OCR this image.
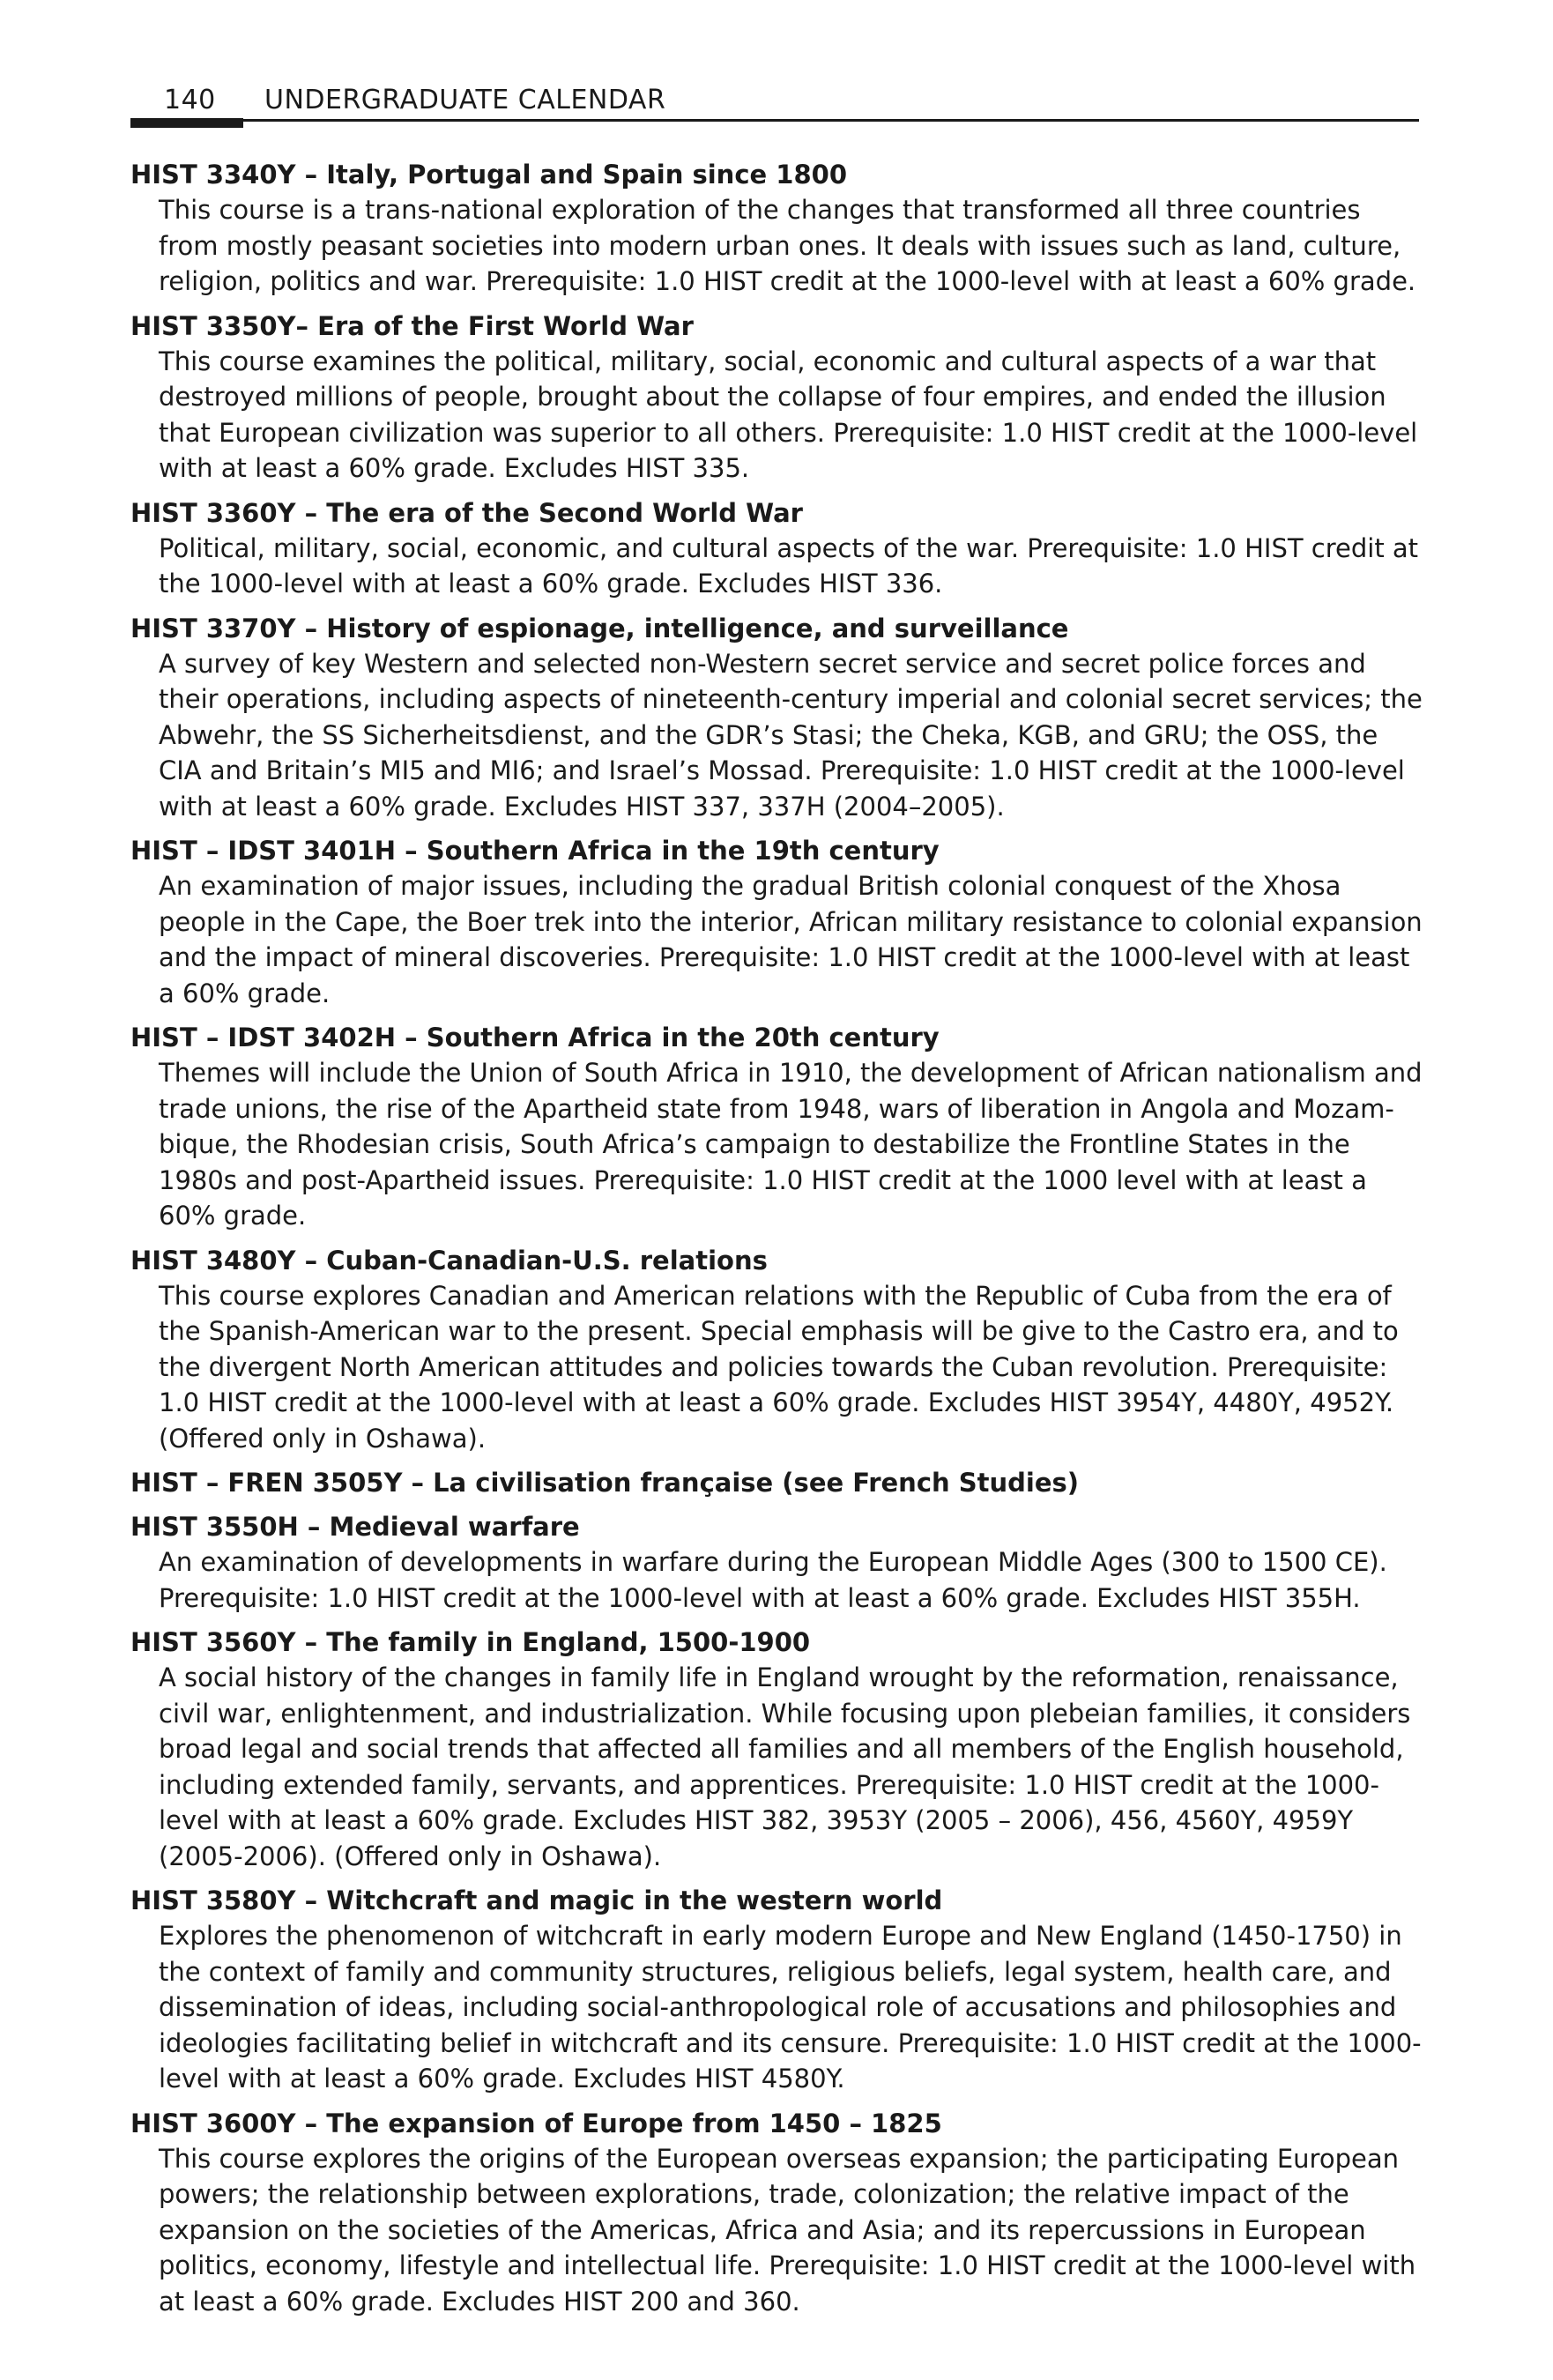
140 UNDERGRADUATE CALENDAR

HIST 3340Y – Italy, Portugal and Spain since 1800

This course is a trans-national exploration of the changes that transformed all three countries from mostly peasant societies into modern urban ones. It deals with issues such as land, culture, religion, politics and war. Prerequisite: 1.0 HIST credit at the 1000-level with at least a 60% grade.

HIST 3350Y– Era of the First World War

This course examines the political, military, social, economic and cultural aspects of a war that destroyed millions of people, brought about the collapse of four empires, and ended the illusion that European civilization was superior to all others. Prerequisite: 1.0 HIST credit at the 1000-level with at least a 60% grade. Excludes HIST 335.

HIST 3360Y – The era of the Second World War

Political, military, social, economic, and cultural aspects of the war. Prerequisite: 1.0 HIST credit at the 1000-level with at least a 60% grade. Excludes HIST 336.

HIST 3370Y – History of espionage, intelligence, and surveillance

A survey of key Western and selected non-Western secret service and secret police forces and their operations, including aspects of nineteenth-century imperial and colonial secret services; the Abwehr, the SS Sicherheitsdienst, and the GDR’s Stasi; the Cheka, KGB, and GRU; the OSS, the CIA and Britain’s MI5 and MI6; and Israel’s Mossad. Prerequisite: 1.0 HIST credit at the 1000-level with at least a 60% grade. Excludes HIST 337, 337H (2004–2005).

HIST – IDST 3401H – Southern Africa in the 19th century

An examination of major issues, including the gradual British colonial conquest of the Xhosa people in the Cape, the Boer trek into the interior, African military resistance to colonial expansion and the impact of mineral discoveries. Prerequisite: 1.0 HIST credit at the 1000-level with at least a 60% grade.

HIST – IDST 3402H – Southern Africa in the 20th century

Themes will include the Union of South Africa in 1910, the development of African nationalism and trade unions, the rise of the Apartheid state from 1948, wars of liberation in Angola and Mozambique, the Rhodesian crisis, South Africa’s campaign to destabilize the Frontline States in the 1980s and post-Apartheid issues. Prerequisite: 1.0 HIST credit at the 1000 level with at least a 60% grade.

HIST 3480Y – Cuban-Canadian-U.S. relations

This course explores Canadian and American relations with the Republic of Cuba from the era of the Spanish-American war to the present. Special emphasis will be give to the Castro era, and to the divergent North American attitudes and policies towards the Cuban revolution. Prerequisite: 1.0 HIST credit at the 1000-level with at least a 60% grade. Excludes HIST 3954Y, 4480Y, 4952Y. (Offered only in Oshawa).

HIST – FREN 3505Y – La civilisation française (see French Studies)

HIST 3550H – Medieval warfare

An examination of developments in warfare during the European Middle Ages (300 to 1500 CE). Prerequisite: 1.0 HIST credit at the 1000-level with at least a 60% grade. Excludes HIST 355H.

HIST 3560Y – The family in England, 1500-1900

A social history of the changes in family life in England wrought by the reformation, renaissance, civil war, enlightenment, and industrialization. While focusing upon plebeian families, it considers broad legal and social trends that affected all families and all members of the English household, including extended family, servants, and apprentices. Prerequisite: 1.0 HIST credit at the 1000-level with at least a 60% grade. Excludes HIST 382, 3953Y (2005 – 2006), 456, 4560Y, 4959Y (2005-2006). (Offered only in Oshawa).

HIST 3580Y – Witchcraft and magic in the western world

Explores the phenomenon of witchcraft in early modern Europe and New England (1450-1750) in the context of family and community structures, religious beliefs, legal system, health care, and dissemination of ideas, including social-anthropological role of accusations and philosophies and ideologies facilitating belief in witchcraft and its censure. Prerequisite: 1.0 HIST credit at the 1000-level with at least a 60% grade. Excludes HIST 4580Y.

HIST 3600Y – The expansion of Europe from 1450 – 1825

This course explores the origins of the European overseas expansion; the participating European powers; the relationship between explorations, trade, colonization; the relative impact of the expansion on the societies of the Americas, Africa and Asia; and its repercussions in European politics, economy, lifestyle and intellectual life. Prerequisite: 1.0 HIST credit at the 1000-level with at least a 60% grade. Excludes HIST 200 and 360.
